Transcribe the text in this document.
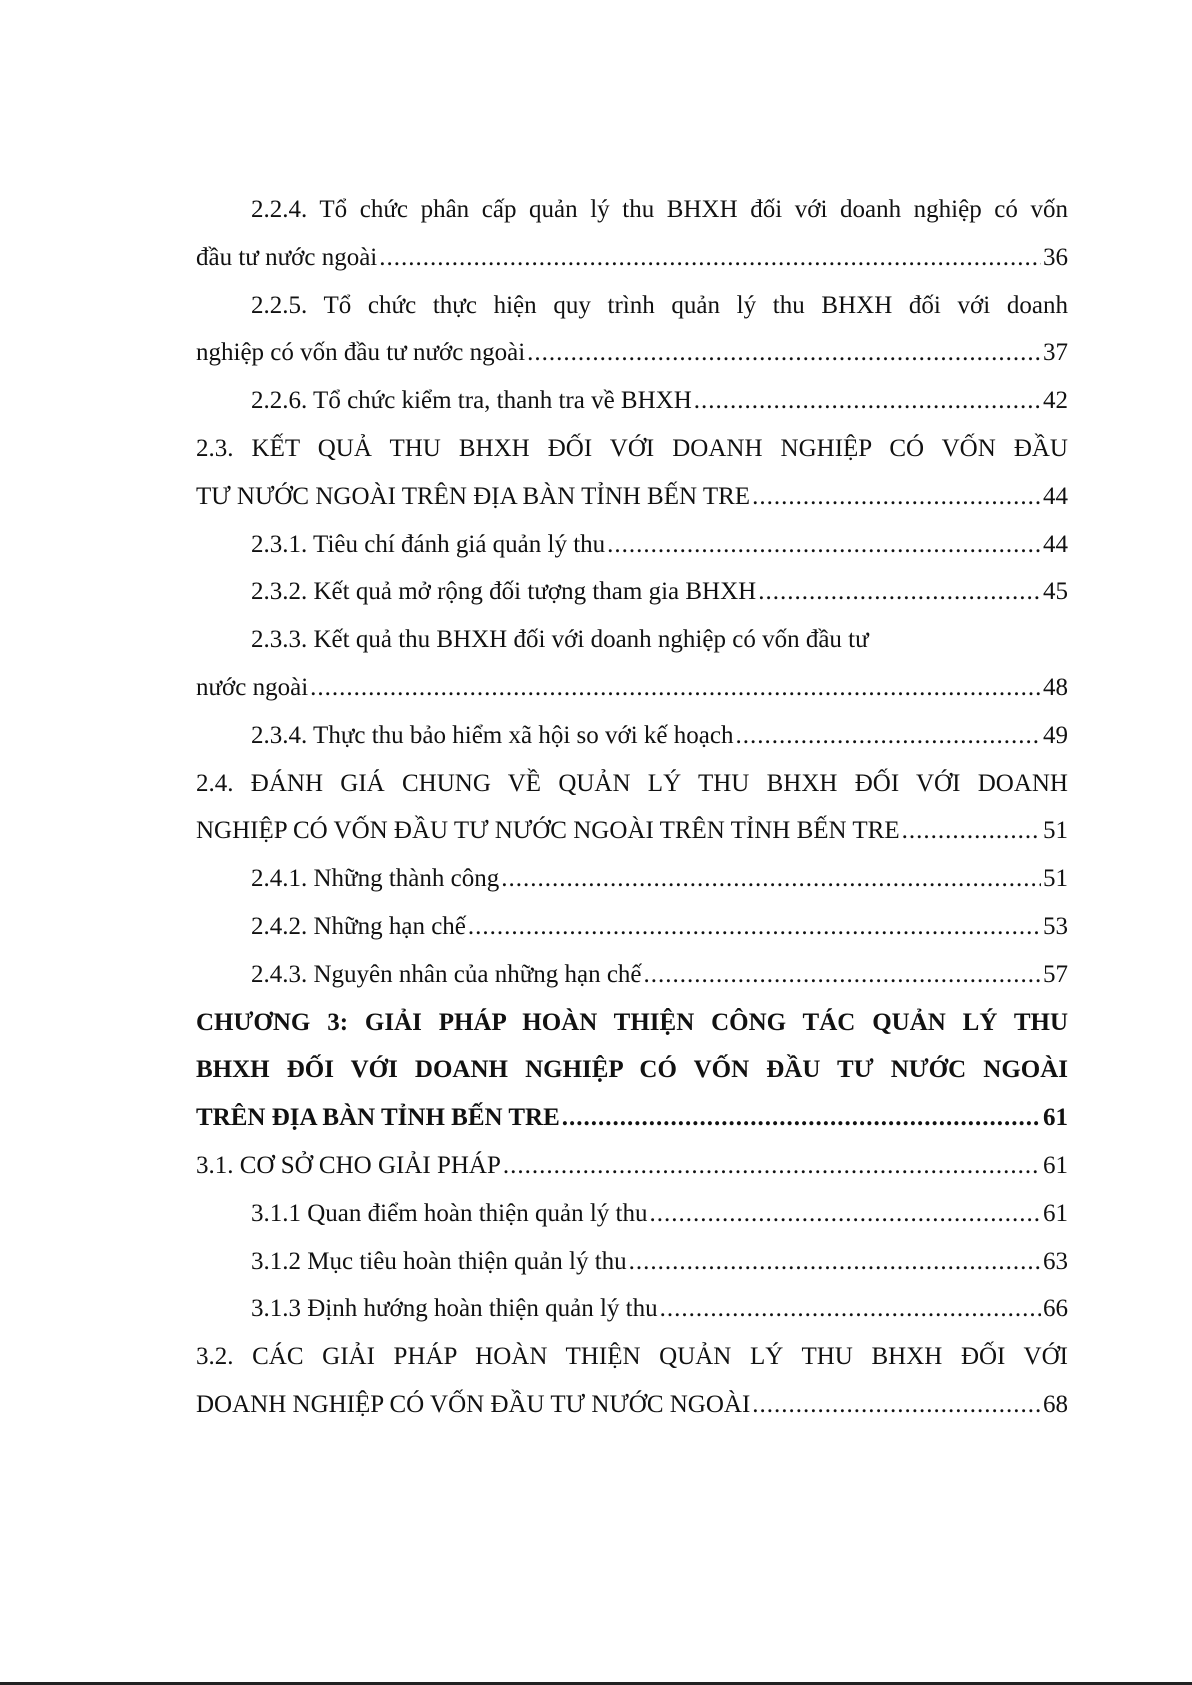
2.2.4. Tổ chức phân cấp quản lý thu BHXH đối với doanh nghiệp có vốn
đầu tư nước ngoài .....	36
2.2.5. Tổ chức thực hiện quy trình quản lý thu BHXH đối với doanh
nghiệp có vốn đầu tư nước ngoài .....	37
2.2.6. Tổ chức kiểm tra, thanh tra về BHXH .....	42
2.3. KẾT QUẢ THU BHXH ĐỐI VỚI DOANH NGHIỆP CÓ VỐN ĐẦU
TƯ NƯỚC NGOÀI TRÊN ĐỊA BÀN TỈNH BẾN TRE .....	44
2.3.1. Tiêu chí đánh giá quản lý thu .....	44
2.3.2. Kết quả mở rộng đối tượng tham gia BHXH .....	45
2.3.3. Kết quả thu BHXH đối với doanh nghiệp có vốn đầu tư
nước ngoài .....	48
2.3.4. Thực thu bảo hiểm xã hội so với kế hoạch .....	49
2.4. ĐÁNH GIÁ CHUNG VỀ QUẢN LÝ THU BHXH ĐỐI VỚI DOANH
NGHIỆP CÓ VỐN ĐẦU TƯ NƯỚC NGOÀI TRÊN TỈNH BẾN TRE .....	51
2.4.1. Những thành công .....	51
2.4.2. Những hạn chế .....	53
2.4.3. Nguyên nhân của những hạn chế .....	57
CHƯƠNG 3: GIẢI PHÁP HOÀN THIỆN CÔNG TÁC QUẢN LÝ THU
BHXH ĐỐI VỚI DOANH NGHIỆP CÓ VỐN ĐẦU TƯ NƯỚC NGOÀI
TRÊN ĐỊA BÀN TỈNH BẾN TRE .....	61
3.1. CƠ SỞ CHO GIẢI PHÁP .....	61
3.1.1 Quan điểm hoàn thiện quản lý thu .....	61
3.1.2 Mục tiêu hoàn thiện quản lý thu .....	63
3.1.3 Định hướng hoàn thiện quản lý thu .....	66
3.2. CÁC GIẢI PHÁP HOÀN THIỆN QUẢN LÝ THU BHXH ĐỐI VỚI
DOANH NGHIỆP CÓ VỐN ĐẦU TƯ NƯỚC NGOÀI .....	68
